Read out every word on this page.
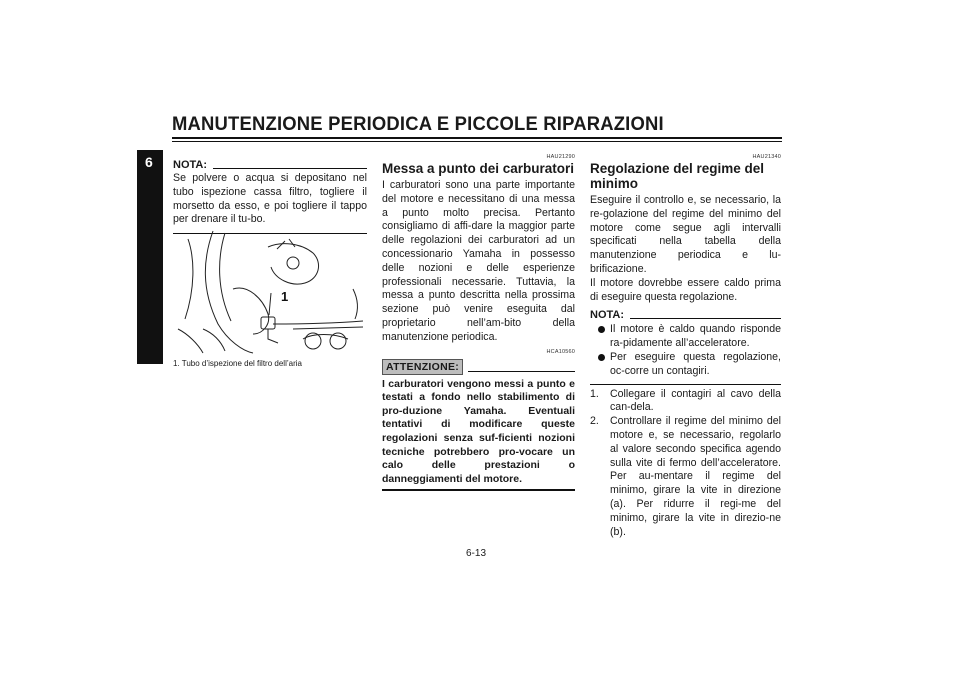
MANUTENZIONE PERIODICA E PICCOLE RIPARAZIONI
6 NOTA:

Se polvere o acqua si depositano nel tubo ispezione cassa filtro, togliere il morsetto da esso, e poi togliere il tappo per drenare il tu-bo.

1
1. Tubo d’ispezione del filtro dell’aria
HAU21290
Messa a punto dei carburatori

I carburatori sono una parte importante del motore e necessitano di una messa a punto molto precisa. Pertanto consigliamo di affi-dare la maggior parte delle regolazioni dei carburatori ad un concessionario Yamaha in possesso delle nozioni e delle esperienze professionali necessarie. Tuttavia, la messa a punto descritta nella prossima sezione può venire eseguita dal proprietario nell’am-bito della manutenzione periodica.

HCA10560
ATTENZIONE:

I carburatori vengono messi a punto e testati a fondo nello stabilimento di pro-duzione Yamaha. Eventuali tentativi di modificare queste regolazioni senza suf-ficienti nozioni tecniche potrebbero pro-vocare un calo delle prestazioni o danneggiamenti del motore.

HAU21340
Regolazione del regime del minimo

Eseguire il controllo e, se necessario, la re-golazione del regime del minimo del motore come segue agli intervalli specificati nella tabella della manutenzione periodica e lu-brificazione.
Il motore dovrebbe essere caldo prima di eseguire questa regolazione.

NOTA:
Il motore è caldo quando risponde ra-pidamente all’acceleratore.
Per eseguire questa regolazione, oc-corre un contagiri.
1. Collegare il contagiri al cavo della can-dela.
2. Controllare il regime del minimo del motore e, se necessario, regolarlo al valore secondo specifica agendo sulla vite di fermo dell’acceleratore. Per au-mentare il regime del minimo, girare la vite in direzione (a). Per ridurre il regi-me del minimo, girare la vite in direzio-ne (b).
6-13
